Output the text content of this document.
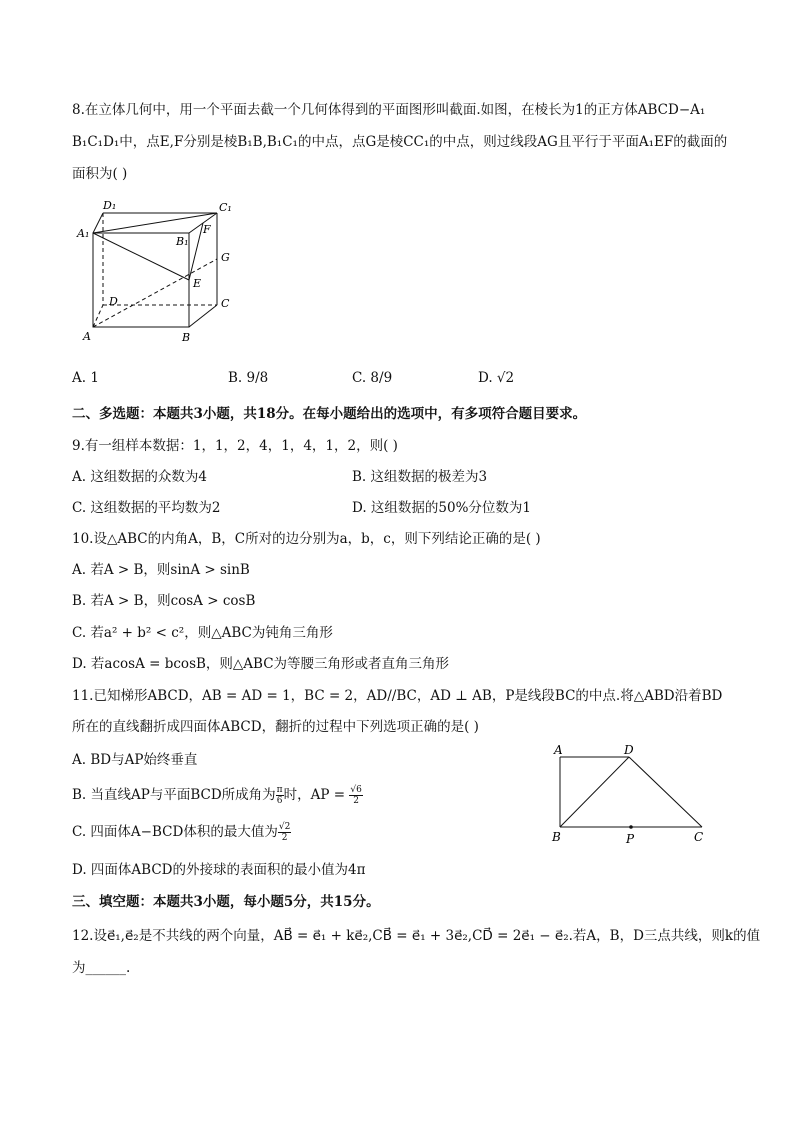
8.在立体几何中，用一个平面去截一个几何体得到的平面图形叫截面.如图，在棱长为1的正方体ABCD−A₁
B₁C₁D₁中，点E,F分别是棱B₁B,B₁C₁的中点，点G是棱CC₁的中点，则过线段AG且平行于平面A₁EF的截面的
面积为( )
D₁	C₁
A₁
B₁
F
G
E
D	C
A	B
A. 1	B. 9/8	C. 8/9	D. √2
二、多选题：本题共3小题，共18分。在每小题给出的选项中，有多项符合题目要求。
9.有一组样本数据：1，1，2，4，1，4，1，2，则( )
A. 这组数据的众数为4	B. 这组数据的极差为3
C. 这组数据的平均数为2	D. 这组数据的50%分位数为1
10.设△ABC的内角A，B，C所对的边分别为a，b，c，则下列结论正确的是( )
A. 若A > B，则sinA > sinB
B. 若A > B，则cosA > cosB
C. 若a² + b² < c²，则△ABC为钝角三角形
D. 若acosA = bcosB，则△ABC为等腰三角形或者直角三角形
11.已知梯形ABCD，AB = AD = 1，BC = 2，AD//BC，AD ⊥ AB，P是线段BC的中点.将△ABD沿着BD
所在的直线翻折成四面体ABCD，翻折的过程中下列选项正确的是( )
A. BD与AP始终垂直
B. 当直线AP与平面BCD所成角为 $\frac{\pi}{6}$ 时，AP = $\frac{√6}{2}$
C. 四面体A−BCD体积的最大值为 $\frac{√2}{2}$
D. 四面体ABCD的外接球的表面积的最小值为4π
A	D
B	P	C
三、填空题：本题共3小题，每小题5分，共15分。
12.设e⃗₁,e⃗₂是不共线的两个向量，AB⃗ = e⃗₁ + ke⃗₂,CB⃗ = e⃗₁ + 3e⃗₂,CD⃗ = 2e⃗₁ − e⃗₂.若A，B，D三点共线，则k的值
为______.
